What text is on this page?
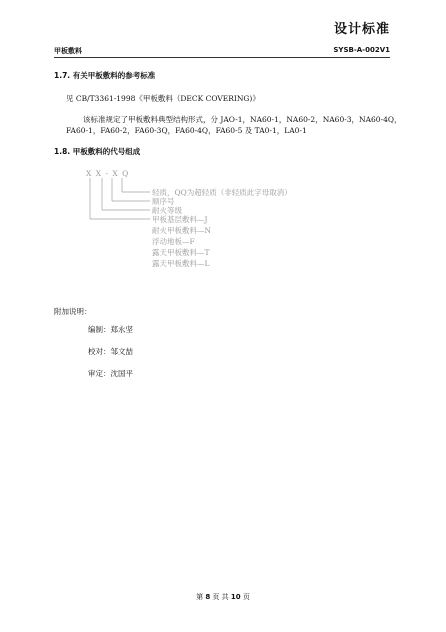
设计标准
甲板敷料	SYSB-A-002V1
1.7. 有关甲板敷料的参考标准
见 CB/T3361-1998《甲板敷料（DECK COVERING)》
该标准规定了甲板敷料典型结构形式，分 JAO-1，NA60-1，NA60-2，NA60-3，NA60-4Q，
FA60-1，FA60-2，FA60-3Q，FA60-4Q，FA60-5 及 TA0-1，LA0-1
1.8. 甲板敷料的代号组成
X X - X Q
轻质，QQ为超轻质（非轻质此字母取消）
顺序号
耐火等级
甲板基层敷料—J
耐火甲板敷料—N
浮动地板—F
露天甲板敷料—T
露天甲板敷料—L
附加说明：
编制：郑永坚
校对：邹文喆
审定：沈国平
第 8 页 共 10 页
